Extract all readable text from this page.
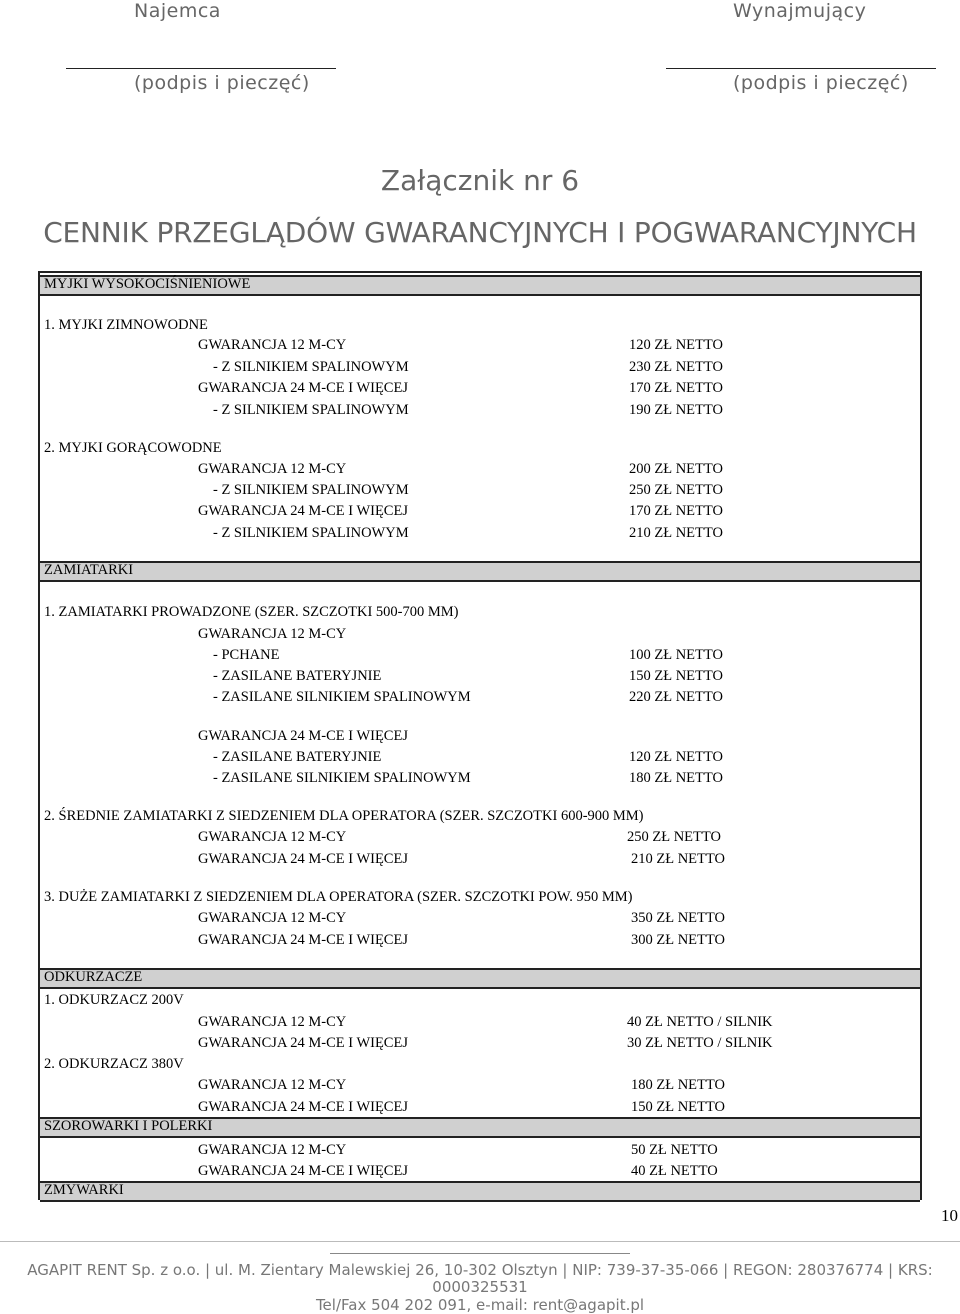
Najemca	Wynajmujący
(podpis i pieczęć)	(podpis i pieczęć)
Załącznik nr 6
CENNIK PRZEGLĄDÓW GWARANCYJNYCH I POGWARANCYJNYCH
MYJKI WYSOKOCIŚNIENIOWE
1. MYJKI ZIMNOWODNE
GWARANCJA 12 M-CY	120 ZŁ NETTO
- Z SILNIKIEM SPALINOWYM	230 ZŁ NETTO
GWARANCJA 24 M-CE I WIĘCEJ	170 ZŁ NETTO
- Z SILNIKIEM SPALINOWYM	190 ZŁ NETTO
2. MYJKI GORĄCOWODNE
GWARANCJA 12 M-CY	200 ZŁ NETTO
- Z SILNIKIEM SPALINOWYM	250 ZŁ NETTO
GWARANCJA 24 M-CE I WIĘCEJ	170 ZŁ NETTO
- Z SILNIKIEM SPALINOWYM	210 ZŁ NETTO
ZAMIATARKI
1. ZAMIATARKI PROWADZONE (SZER. SZCZOTKI 500-700 MM)
GWARANCJA 12 M-CY
- PCHANE	100 ZŁ NETTO
- ZASILANE BATERYJNIE	150 ZŁ NETTO
- ZASILANE SILNIKIEM SPALINOWYM	220 ZŁ NETTO
GWARANCJA 24 M-CE I WIĘCEJ
- ZASILANE BATERYJNIE	120 ZŁ NETTO
- ZASILANE SILNIKIEM SPALINOWYM	180 ZŁ NETTO
2. ŚREDNIE ZAMIATARKI Z SIEDZENIEM DLA OPERATORA (SZER. SZCZOTKI 600-900 MM)
GWARANCJA 12 M-CY	250 ZŁ NETTO
GWARANCJA 24 M-CE I WIĘCEJ	210 ZŁ NETTO
3. DUŻE ZAMIATARKI Z SIEDZENIEM DLA OPERATORA (SZER. SZCZOTKI POW. 950 MM)
GWARANCJA 12 M-CY	350 ZŁ NETTO
GWARANCJA 24 M-CE I WIĘCEJ	300 ZŁ NETTO
ODKURZACZE
1. ODKURZACZ 200V
GWARANCJA 12 M-CY	40 ZŁ NETTO / SILNIK
GWARANCJA 24 M-CE I WIĘCEJ	30 ZŁ NETTO / SILNIK
2. ODKURZACZ 380V
GWARANCJA 12 M-CY	180 ZŁ NETTO
GWARANCJA 24 M-CE I WIĘCEJ	150 ZŁ NETTO
SZOROWARKI I POLERKI
GWARANCJA 12 M-CY	50 ZŁ NETTO
GWARANCJA 24 M-CE I WIĘCEJ	40 ZŁ NETTO
ZMYWARKI
10
AGAPIT RENT Sp. z o.o. | ul. M. Zientary Malewskiej 26, 10-302 Olsztyn | NIP: 739-37-35-066 | REGON: 280376774 | KRS:
0000325531
Tel/Fax 504 202 091, e-mail: rent@agapit.pl
